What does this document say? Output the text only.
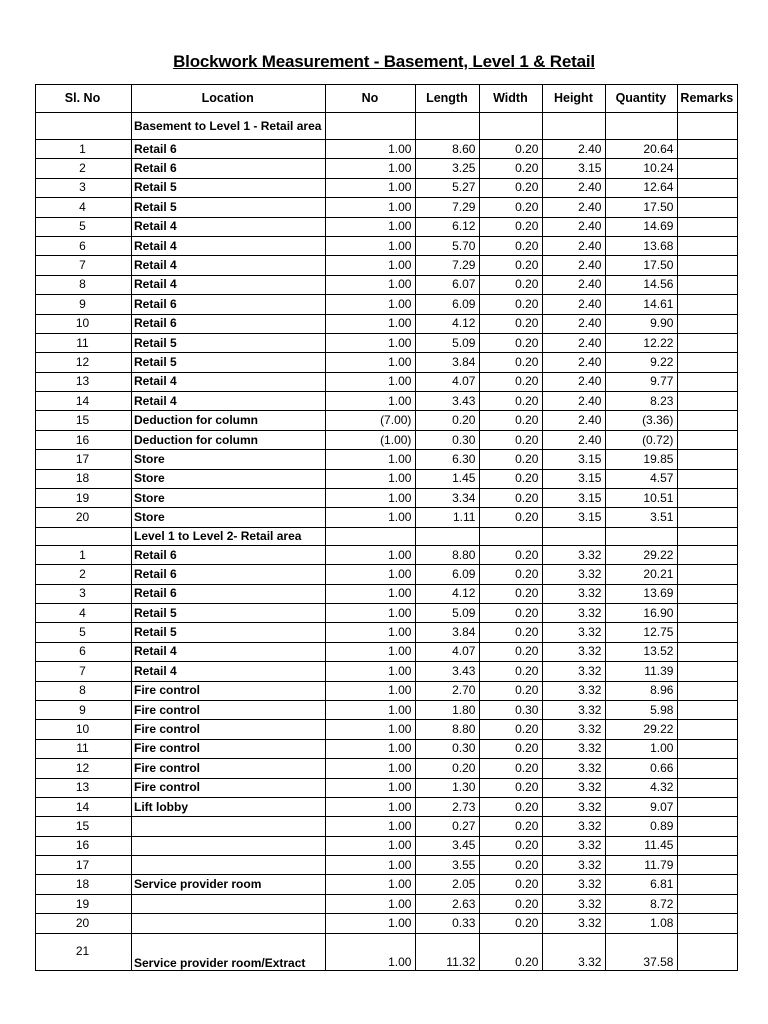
Blockwork Measurement - Basement, Level 1 & Retail
Sl. No	Location	No	Length	Width	Height	Quantity	Remarks
	Basement to Level 1 - Retail area						
1	Retail 6	1.00	8.60	0.20	2.40	20.64	
2	Retail 6	1.00	3.25	0.20	3.15	10.24	
3	Retail 5	1.00	5.27	0.20	2.40	12.64	
4	Retail 5	1.00	7.29	0.20	2.40	17.50	
5	Retail 4	1.00	6.12	0.20	2.40	14.69	
6	Retail 4	1.00	5.70	0.20	2.40	13.68	
7	Retail 4	1.00	7.29	0.20	2.40	17.50	
8	Retail 4	1.00	6.07	0.20	2.40	14.56	
9	Retail 6	1.00	6.09	0.20	2.40	14.61	
10	Retail 6	1.00	4.12	0.20	2.40	9.90	
11	Retail 5	1.00	5.09	0.20	2.40	12.22	
12	Retail 5	1.00	3.84	0.20	2.40	9.22	
13	Retail 4	1.00	4.07	0.20	2.40	9.77	
14	Retail 4	1.00	3.43	0.20	2.40	8.23	
15	Deduction for column	(7.00)	0.20	0.20	2.40	(3.36)	
16	Deduction for column	(1.00)	0.30	0.20	2.40	(0.72)	
17	Store	1.00	6.30	0.20	3.15	19.85	
18	Store	1.00	1.45	0.20	3.15	4.57	
19	Store	1.00	3.34	0.20	3.15	10.51	
20	Store	1.00	1.11	0.20	3.15	3.51	
	Level 1 to Level 2- Retail area						
1	Retail 6	1.00	8.80	0.20	3.32	29.22	
2	Retail 6	1.00	6.09	0.20	3.32	20.21	
3	Retail 6	1.00	4.12	0.20	3.32	13.69	
4	Retail 5	1.00	5.09	0.20	3.32	16.90	
5	Retail 5	1.00	3.84	0.20	3.32	12.75	
6	Retail 4	1.00	4.07	0.20	3.32	13.52	
7	Retail 4	1.00	3.43	0.20	3.32	11.39	
8	Fire control	1.00	2.70	0.20	3.32	8.96	
9	Fire control	1.00	1.80	0.30	3.32	5.98	
10	Fire control	1.00	8.80	0.20	3.32	29.22	
11	Fire control	1.00	0.30	0.20	3.32	1.00	
12	Fire control	1.00	0.20	0.20	3.32	0.66	
13	Fire control	1.00	1.30	0.20	3.32	4.32	
14	Lift lobby	1.00	2.73	0.20	3.32	9.07	
15		1.00	0.27	0.20	3.32	0.89	
16		1.00	3.45	0.20	3.32	11.45	
17		1.00	3.55	0.20	3.32	11.79	
18	Service provider room	1.00	2.05	0.20	3.32	6.81	
19		1.00	2.63	0.20	3.32	8.72	
20		1.00	0.33	0.20	3.32	1.08	
21	Service provider room/Extract	1.00	11.32	0.20	3.32	37.58	
